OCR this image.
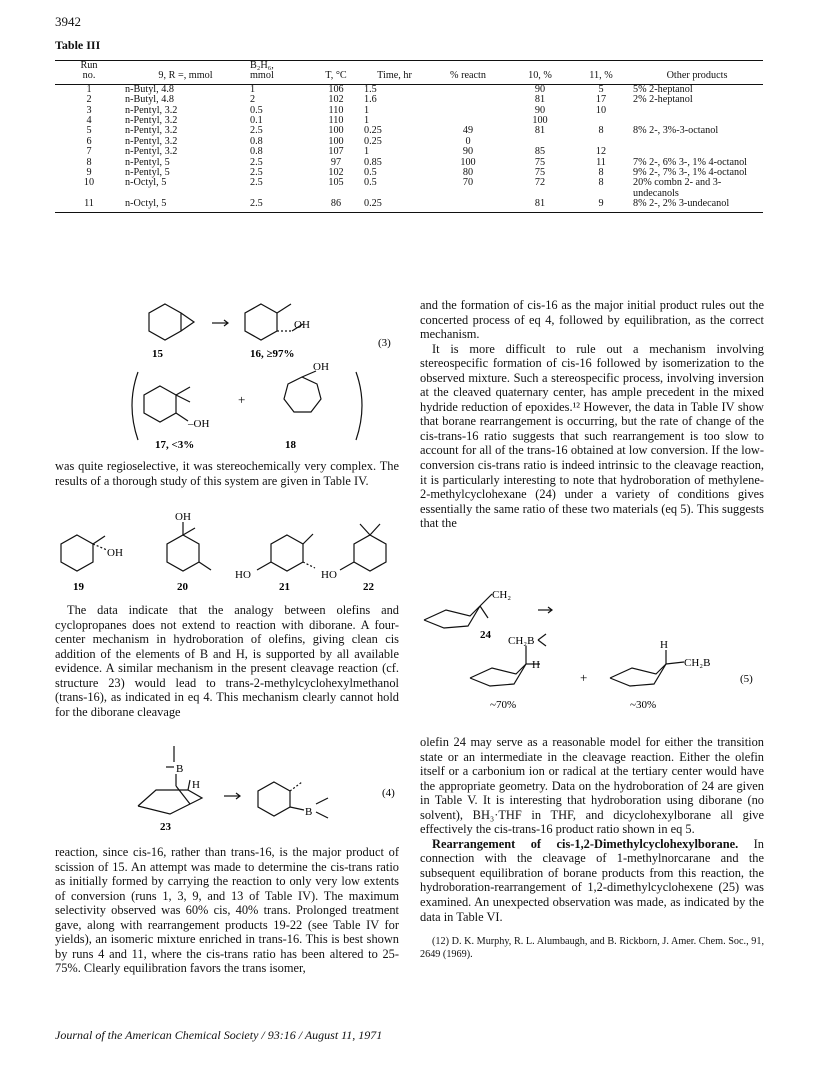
3942
Table III
Run		B₂H₆,						
no.	9, R =, mmol	mmol	T, °C	Time, hr	% reactn	10, %	11, %	Other products
1	n-Butyl, 4.8	1	106	1.5		90	5	5% 2-heptanol
2	n-Butyl, 4.8	2	102	1.6		81	17	2% 2-heptanol
3	n-Pentyl, 3.2	0.5	110	1		90	10	
4	n-Pentyl, 3.2	0.1	110	1		100		
5	n-Pentyl, 3.2	2.5	100	0.25	49	81	8	8% 2-, 3%-3-octanol
6	n-Pentyl, 3.2	0.8	100	0.25	0			
7	n-Pentyl, 3.2	0.8	107	1	90	85	12	
8	n-Pentyl, 5	2.5	97	0.85	100	75	11	7% 2-, 6% 3-, 1% 4-octanol
9	n-Pentyl, 5	2.5	102	0.5	80	75	8	9% 2-, 7% 3-, 1% 4-octanol
10	n-Octyl, 5	2.5	105	0.5	70	72	8	20% combn 2- and 3-undecanols
11	n-Octyl, 5	2.5	86	0.25		81	9	8% 2-, 2% 3-undecanol
15	16, ≥97%
OH
(3)
–OH
+
OH
17, <3%	18

was quite regioselective, it was stereochemically very complex. The results of a thorough study of this system are given in Table IV.

OH
OH
HO	HO
19	20	21	22

The data indicate that the analogy between olefins and cyclopropanes does not extend to reaction with diborane. A four-center mechanism in hydroboration of olefins, giving clean cis addition of the elements of B and H, is supported by all available evidence. A similar mechanism in the present cleavage reaction (cf. structure 23) would lead to trans-2-methylcyclohexylmethanol (trans-16), as indicated in eq 4. This mechanism clearly cannot hold for the diborane cleavage

B
H
B
(4)
23

reaction, since cis-16, rather than trans-16, is the major product of scission of 15. An attempt was made to determine the cis-trans ratio as initially formed by carrying the reaction to only very low extents of conversion (runs 1, 3, 9, and 13 of Table IV). The maximum selectivity observed was 60% cis, 40% trans. Prolonged treatment gave, along with rearrangement products 19-22 (see Table IV for yields), an isomeric mixture enriched in trans-16. This is best shown by runs 4 and 11, where the cis-trans ratio has been altered to 25-75%. Clearly equilibration favors the trans isomer,

and the formation of cis-16 as the major initial product rules out the concerted process of eq 4, followed by equilibration, as the correct mechanism.

It is more difficult to rule out a mechanism involving stereospecific formation of cis-16 followed by isomerization to the observed mixture. Such a stereospecific process, involving inversion at the cleaved quaternary center, has ample precedent in the mixed hydride reduction of epoxides.¹² However, the data in Table IV show that borane rearrangement is occurring, but the rate of change of the cis-trans-16 ratio suggests that such rearrangement is too slow to account for all of the trans-16 obtained at low conversion. If the low-conversion cis-trans ratio is indeed intrinsic to the cleavage reaction, it is particularly interesting to note that hydroboration of methylene-2-methylcyclohexane (24) under a variety of conditions gives essentially the same ratio of these two materials (eq 5). This suggests that the

CH₂
24 CH₂B
H
+
H
CH₂B
(5)
~70%	~30%

olefin 24 may serve as a reasonable model for either the transition state or an intermediate in the cleavage reaction. Either the olefin itself or a carbonium ion or radical at the tertiary center would have the appropriate geometry. Data on the hydroboration of 24 are given in Table V. It is interesting that hydroboration using diborane (no solvent), BH₃·THF in THF, and dicyclohexylborane all give effectively the cis-trans-16 product ratio shown in eq 5.

Rearrangement of cis-1,2-Dimethylcyclohexylborane. In connection with the cleavage of 1-methylnorcarane and the subsequent equilibration of borane products from this reaction, the hydroboration-rearrangement of 1,2-dimethylcyclohexene (25) was examined. An unexpected observation was made, as indicated by the data in Table VI.

(12) D. K. Murphy, R. L. Alumbaugh, and B. Rickborn, J. Amer. Chem. Soc., 91, 2649 (1969).

Journal of the American Chemical Society / 93:16 / August 11, 1971
